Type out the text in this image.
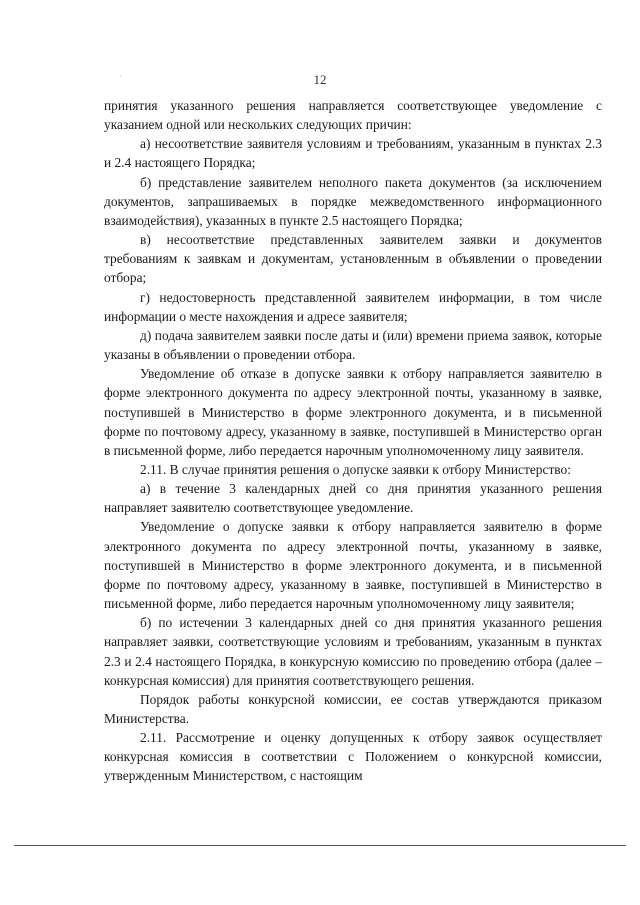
·	12

принятия указанного решения направляется соответствующее уведомление с указанием одной или нескольких следующих причин:

а) несоответствие заявителя условиям и требованиям, указанным в пунктах 2.3 и 2.4 настоящего Порядка;

б) представление заявителем неполного пакета документов (за исключением документов, запрашиваемых в порядке межведомственного информационного взаимодействия), указанных в пункте 2.5 настоящего Порядка;

в) несоответствие представленных заявителем заявки и документов требованиям к заявкам и документам, установленным в объявлении о проведении отбора;

г) недостоверность представленной заявителем информации, в том числе информации о месте нахождения и адресе заявителя;

д) подача заявителем заявки после даты и (или) времени приема заявок, которые указаны в объявлении о проведении отбора.

Уведомление об отказе в допуске заявки к отбору направляется заявителю в форме электронного документа по адресу электронной почты, указанному в заявке, поступившей в Министерство в форме электронного документа, и в письменной форме по почтовому адресу, указанному в заявке, поступившей в Министерство орган в письменной форме, либо передается нарочным уполномоченному лицу заявителя.

2.11. В случае принятия решения о допуске заявки к отбору Министерство:

а) в течение 3 календарных дней со дня принятия указанного решения направляет заявителю соответствующее уведомление.

Уведомление о допуске заявки к отбору направляется заявителю в форме электронного документа по адресу электронной почты, указанному в заявке, поступившей в Министерство в форме электронного документа, и в письменной форме по почтовому адресу, указанному в заявке, поступившей в Министерство в письменной форме, либо передается нарочным уполномоченному лицу заявителя;

б) по истечении 3 календарных дней со дня принятия указанного решения направляет заявки, соответствующие условиям и требованиям, указанным в пунктах 2.3 и 2.4 настоящего Порядка, в конкурсную комиссию по проведению отбора (далее – конкурсная комиссия) для принятия соответствующего решения.

Порядок работы конкурсной комиссии, ее состав утверждаются приказом Министерства.

2.11. Рассмотрение и оценку допущенных к отбору заявок осуществляет конкурсная комиссия в соответствии с Положением о конкурсной комиссии, утвержденным Министерством, с настоящим
